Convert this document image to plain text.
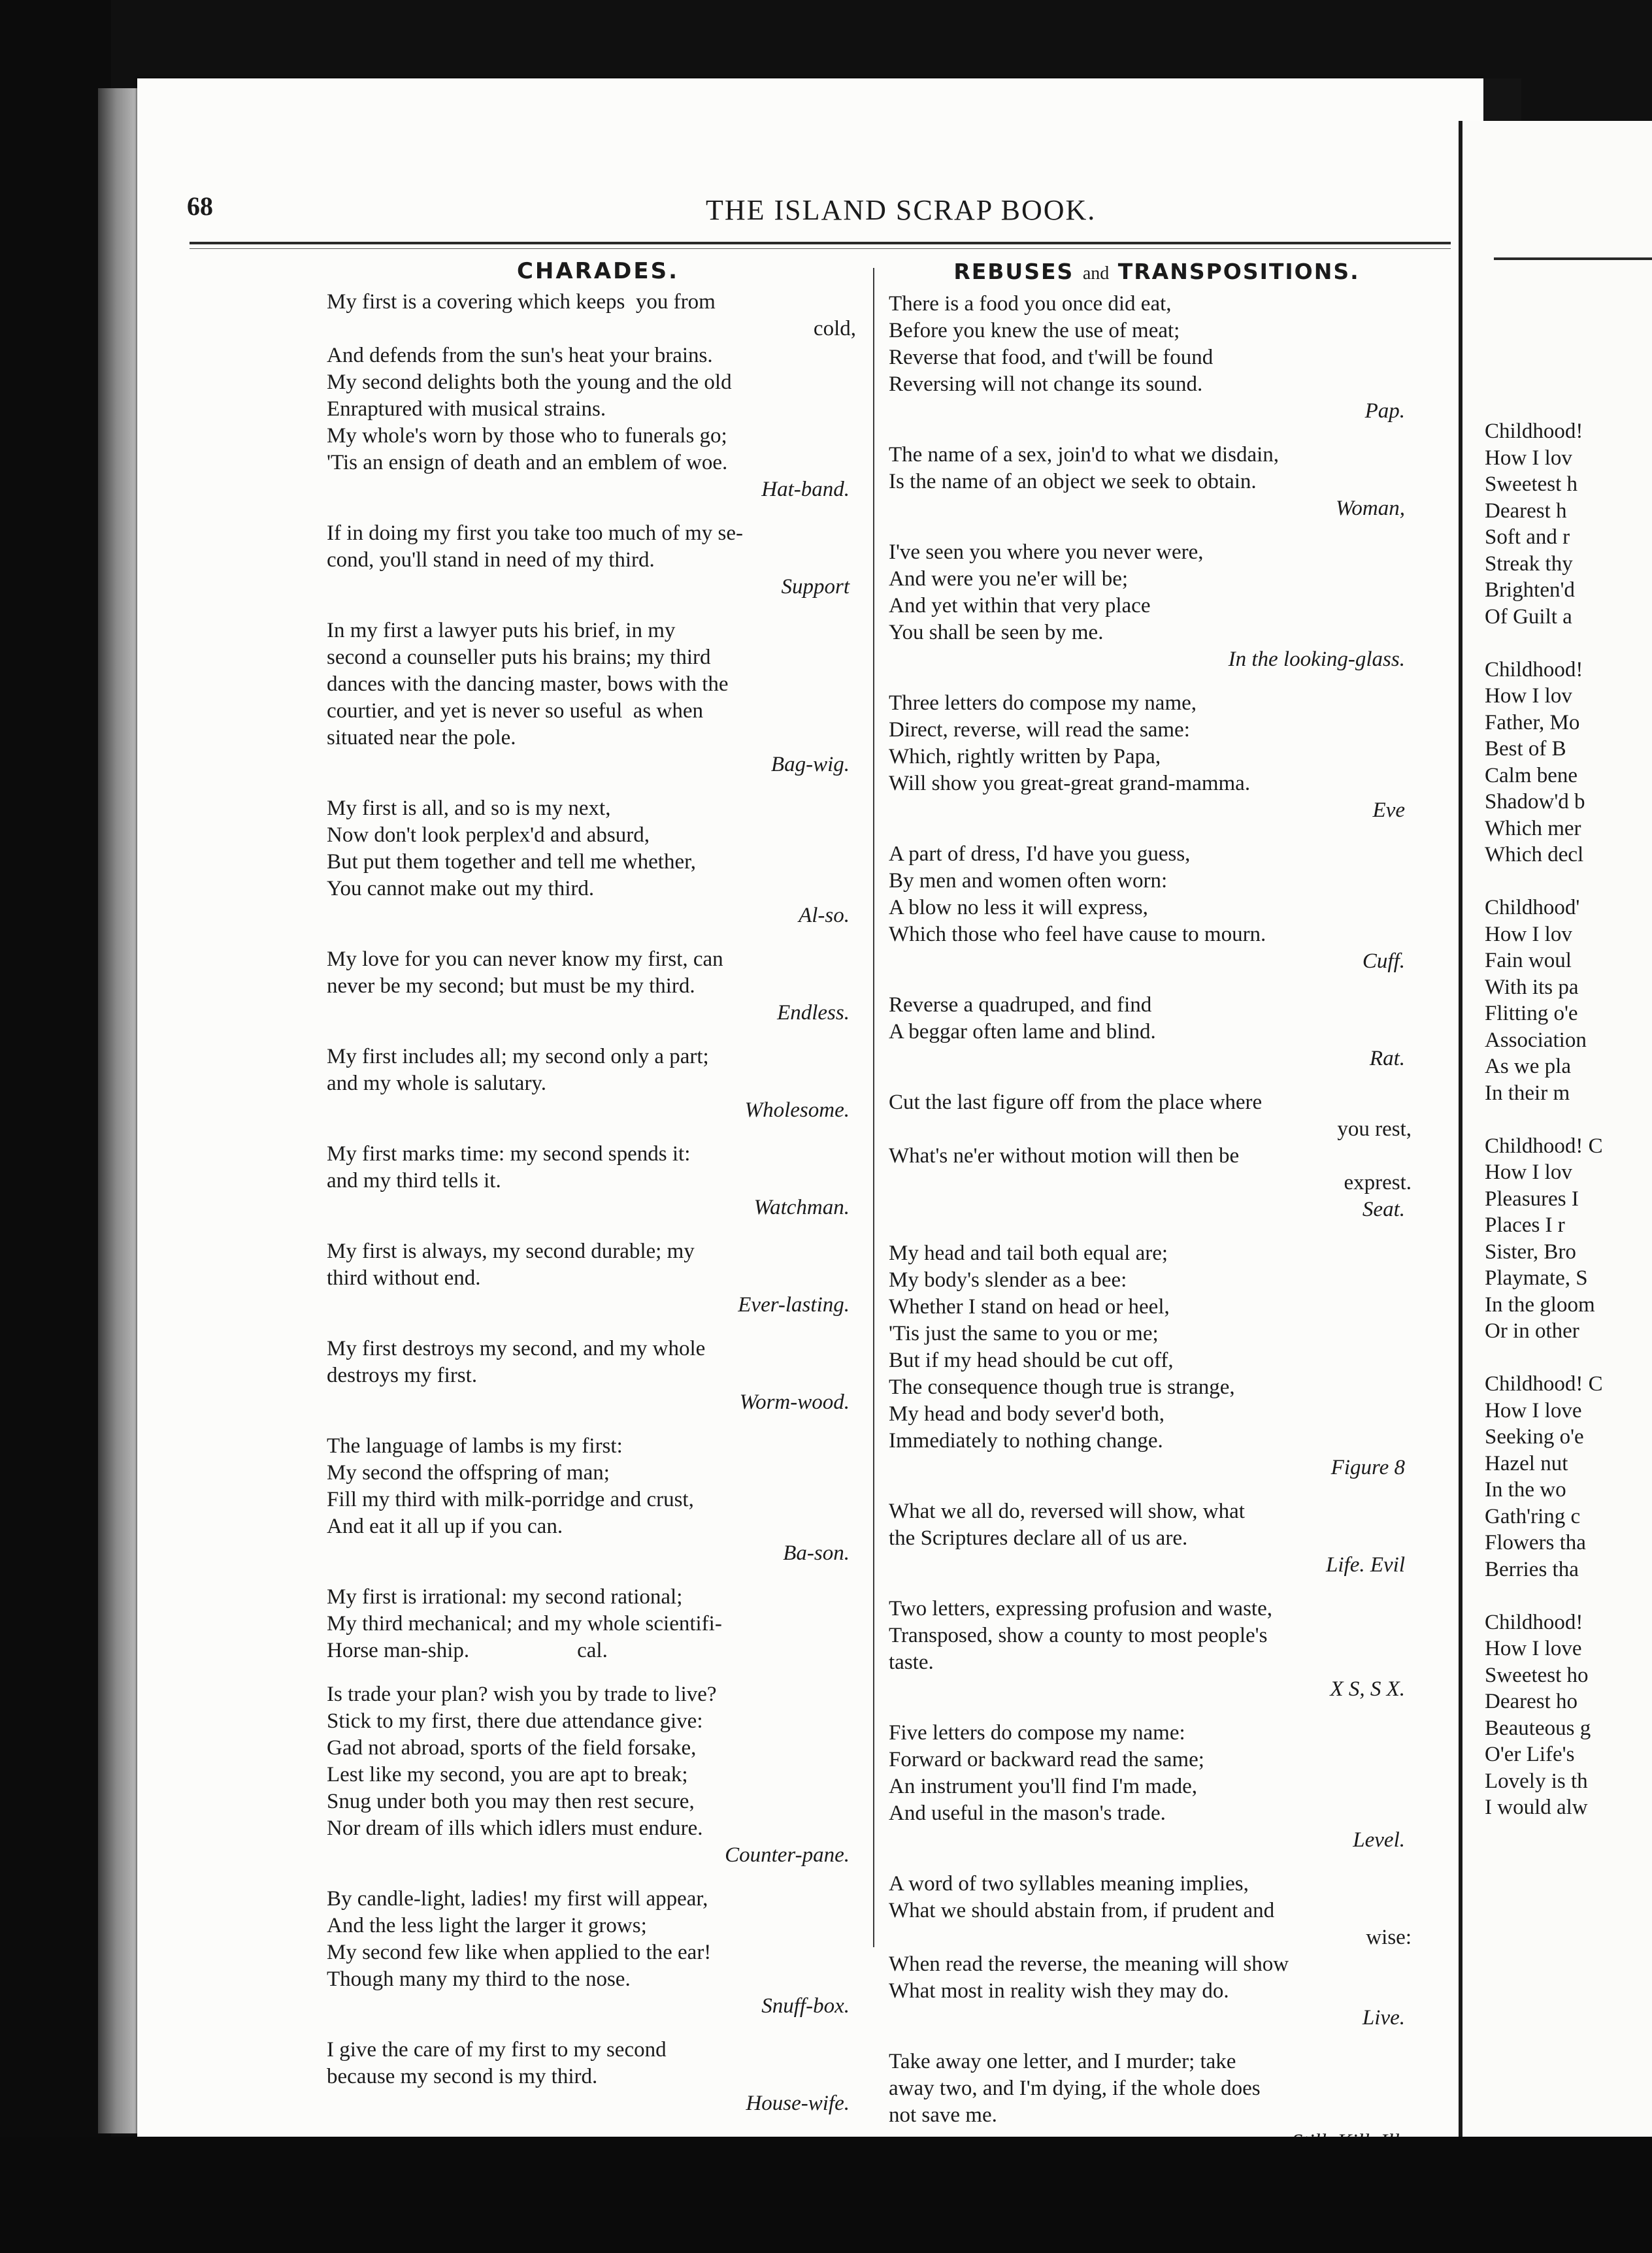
68	THE ISLAND SCRAP BOOK.
CHARADES.
My first is a covering which keeps  you from
cold,
And defends from the sun's heat your brains.
My second delights both the young and the old
Enraptured with musical strains.
My whole's worn by those who to funerals go;
'Tis an ensign of death and an emblem of woe.
Hat-band.
If in doing my first you take too much of my se-
cond, you'll stand in need of my third.
Support
In my first a lawyer puts his brief, in my
second a counseller puts his brains; my third
dances with the dancing master, bows with the
courtier, and yet is never so useful  as when
situated near the pole.
Bag-wig.
My first is all, and so is my next,
Now don't look perplex'd and absurd,
But put them together and tell me whether,
You cannot make out my third.
Al-so.
My love for you can never know my first, can
never be my second; but must be my third.
Endless.
My first includes all; my second only a part;
and my whole is salutary.
Wholesome.
My first marks time: my second spends it:
and my third tells it.
Watchman.
My first is always, my second durable; my
third without end.
Ever-lasting.
My first destroys my second, and my whole
destroys my first.
Worm-wood.
The language of lambs is my first:
My second the offspring of man;
Fill my third with milk-porridge and crust,
And eat it all up if you can.
Ba-son.
My first is irrational: my second rational;
My third mechanical; and my whole scientifi-
Horse man-ship.                    cal.
Is trade your plan? wish you by trade to live?
Stick to my first, there due attendance give:
Gad not abroad, sports of the field forsake,
Lest like my second, you are apt to break;
Snug under both you may then rest secure,
Nor dream of ills which idlers must endure.
Counter-pane.
By candle-light, ladies! my first will appear,
And the less light the larger it grows;
My second few like when applied to the ear!
Though many my third to the nose.
Snuff-box.
I give the care of my first to my second
because my second is my third.
House-wife.
REBUSES and TRANSPOSITIONS.
There is a food you once did eat,
Before you knew the use of meat;
Reverse that food, and t'will be found
Reversing will not change its sound.
Pap.
The name of a sex, join'd to what we disdain,
Is the name of an object we seek to obtain.
Woman,
I've seen you where you never were,
And were you ne'er will be;
And yet within that very place
You shall be seen by me.
In the looking-glass.
Three letters do compose my name,
Direct, reverse, will read the same:
Which, rightly written by Papa,
Will show you great-great grand-mamma.
Eve
A part of dress, I'd have you guess,
By men and women often worn:
A blow no less it will express,
Which those who feel have cause to mourn.
Cuff.
Reverse a quadruped, and find
A beggar often lame and blind.
Rat.
Cut the last figure off from the place where
you rest,
What's ne'er without motion will then be
exprest.
Seat.
My head and tail both equal are;
My body's slender as a bee:
Whether I stand on head or heel,
'Tis just the same to you or me;
But if my head should be cut off,
The consequence though true is strange,
My head and body sever'd both,
Immediately to nothing change.
Figure 8
What we all do, reversed will show, what
the Scriptures declare all of us are.
Life. Evil
Two letters, expressing profusion and waste,
Transposed, show a county to most people's
taste.
X S, S X.
Five letters do compose my name:
Forward or backward read the same;
An instrument you'll find I'm made,
And useful in the mason's trade.
Level.
A word of two syllables meaning implies,
What we should abstain from, if prudent and
wise:
When read the reverse, the meaning will show
What most in reality wish they may do.
Live.
Take away one letter, and I murder; take
away two, and I'm dying, if the whole does
not save me.
Childhood!
How I lov
Sweetest h
Dearest h
Soft and r
Streak thy
Brighten'd
Of Guilt a

Childhood!
How I lov
Father, Mo
Best of B
Calm bene
Shadow'd b
Which mer
Which decl

Childhood'
How I lov
Fain woul
With its pa
Flitting o'e
Association
As we pla
In their m

Childhood! C
How I lov
Pleasures I
Places I r
Sister, Bro
Playmate, S
In the gloom
Or in other

Childhood! C
How I love
Seeking o'e
Hazel nut
In the wo
Gath'ring c
Flowers tha
Berries tha

Childhood!
How I love
Sweetest ho
Dearest ho
Beauteous g
O'er Life's
Lovely is th
I would alw
